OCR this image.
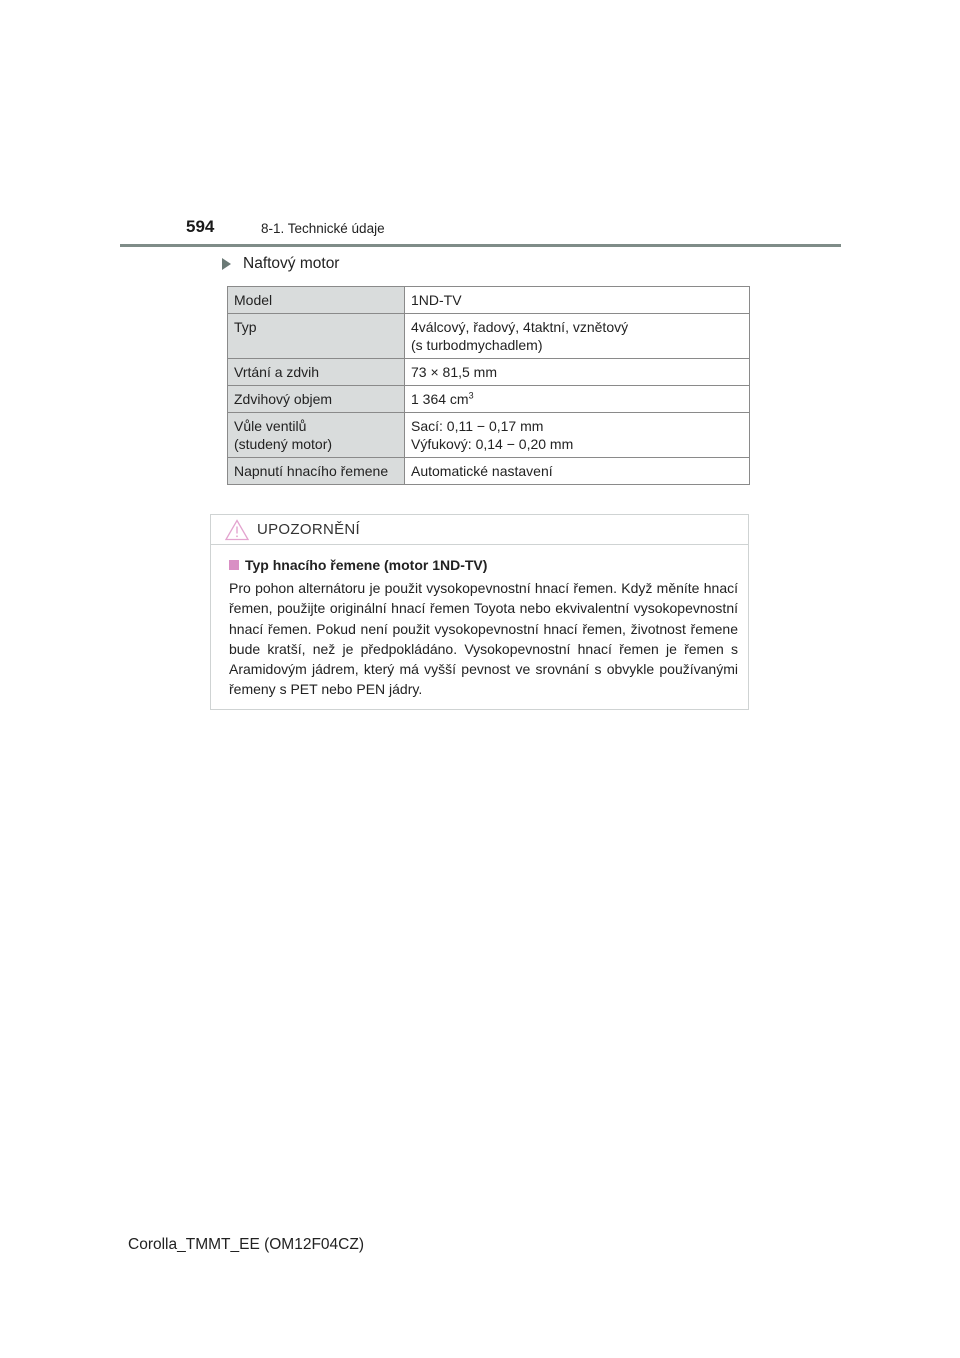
594	8-1. Technické údaje
Naftový motor
Model	1ND-TV

Typ	4válcový, řadový, 4taktní, vznětový
(s turbodmychadlem)

Vrtání a zdvih	73 × 81,5 mm

Zdvihový objem	1 364 $cm^3$

Vůle ventilů
(studený motor)	Sací: 0,11 − 0,17 mm
Výfukový: 0,14 − 0,20 mm

Napnutí hnacího řemene	Automatické nastavení
UPOZORNĚNÍ
Typ hnacího řemene (motor 1ND-TV)
Pro pohon alternátoru je použit vysokopevnostní hnací řemen. Když měníte hnací řemen, použijte originální hnací řemen Toyota nebo ekvivalentní vysokopevnostní hnací řemen. Pokud není použit vysokopevnostní hnací řemen, životnost řemene bude kratší, než je předpokládáno. Vysokopevnostní hnací řemen je řemen s Aramidovým jádrem, který má vyšší pevnost ve srovnání s obvykle používanými řemeny s PET nebo PEN jádry.
Corolla_TMMT_EE (OM12F04CZ)
